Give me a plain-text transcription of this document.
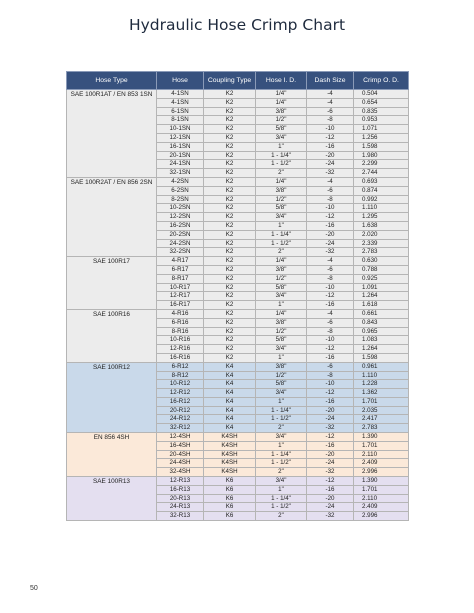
Hydraulic Hose Crimp Chart
Hose Type	Hose	Coupling Type	Hose I. D.	Dash Size	Crimp O. D.
SAE 100R1AT / EN 853 1SN	4-1SN	K2	1/4"	-4	0.504
	4-1SN	K2	1/4"	-4	0.654
	6-1SN	K2	3/8"	-6	0.835
	8-1SN	K2	1/2"	-8	0.953
	10-1SN	K2	5/8"	-10	1.071
	12-1SN	K2	3/4"	-12	1.256
	16-1SN	K2	1"	-16	1.598
	20-1SN	K2	1 - 1/4"	-20	1.980
	24-1SN	K2	1 - 1/2"	-24	2.299
	32-1SN	K2	2"	-32	2.744
SAE 100R2AT / EN 856 2SN	4-2SN	K2	1/4"	-4	0.693
	6-2SN	K2	3/8"	-6	0.874
	8-2SN	K2	1/2"	-8	0.992
	10-2SN	K2	5/8"	-10	1.110
	12-2SN	K2	3/4"	-12	1.295
	16-2SN	K2	1"	-16	1.638
	20-2SN	K2	1 - 1/4"	-20	2.020
	24-2SN	K2	1 - 1/2"	-24	2.339
	32-2SN	K2	2"	-32	2.783
SAE 100R17	4-R17	K2	1/4"	-4	0.630
	6-R17	K2	3/8"	-6	0.788
	8-R17	K2	1/2"	-8	0.925
	10-R17	K2	5/8"	-10	1.091
	12-R17	K2	3/4"	-12	1.264
	16-R17	K2	1"	-16	1.618
SAE 100R16	4-R16	K2	1/4"	-4	0.661
	6-R16	K2	3/8"	-6	0.843
	8-R16	K2	1/2"	-8	0.965
	10-R16	K2	5/8"	-10	1.083
	12-R16	K2	3/4"	-12	1.264
	16-R16	K2	1"	-16	1.598
SAE 100R12	6-R12	K4	3/8"	-6	0.961
	8-R12	K4	1/2"	-8	1.110
	10-R12	K4	5/8"	-10	1.228
	12-R12	K4	3/4"	-12	1.362
	16-R12	K4	1"	-16	1.701
	20-R12	K4	1 - 1/4"	-20	2.035
	24-R12	K4	1 - 1/2"	-24	2.417
	32-R12	K4	2"	-32	2.783
EN 856 4SH	12-4SH	K4SH	3/4"	-12	1.390
	16-4SH	K4SH	1"	-16	1.701
	20-4SH	K4SH	1 - 1/4"	-20	2.110
	24-4SH	K4SH	1 - 1/2"	-24	2.409
	32-4SH	K4SH	2"	-32	2.996
SAE 100R13	12-R13	K6	3/4"	-12	1.390
	16-R13	K6	1"	-16	1.701
	20-R13	K6	1 - 1/4"	-20	2.110
	24-R13	K6	1 - 1/2"	-24	2.409
	32-R13	K6	2"	-32	2.996
50
